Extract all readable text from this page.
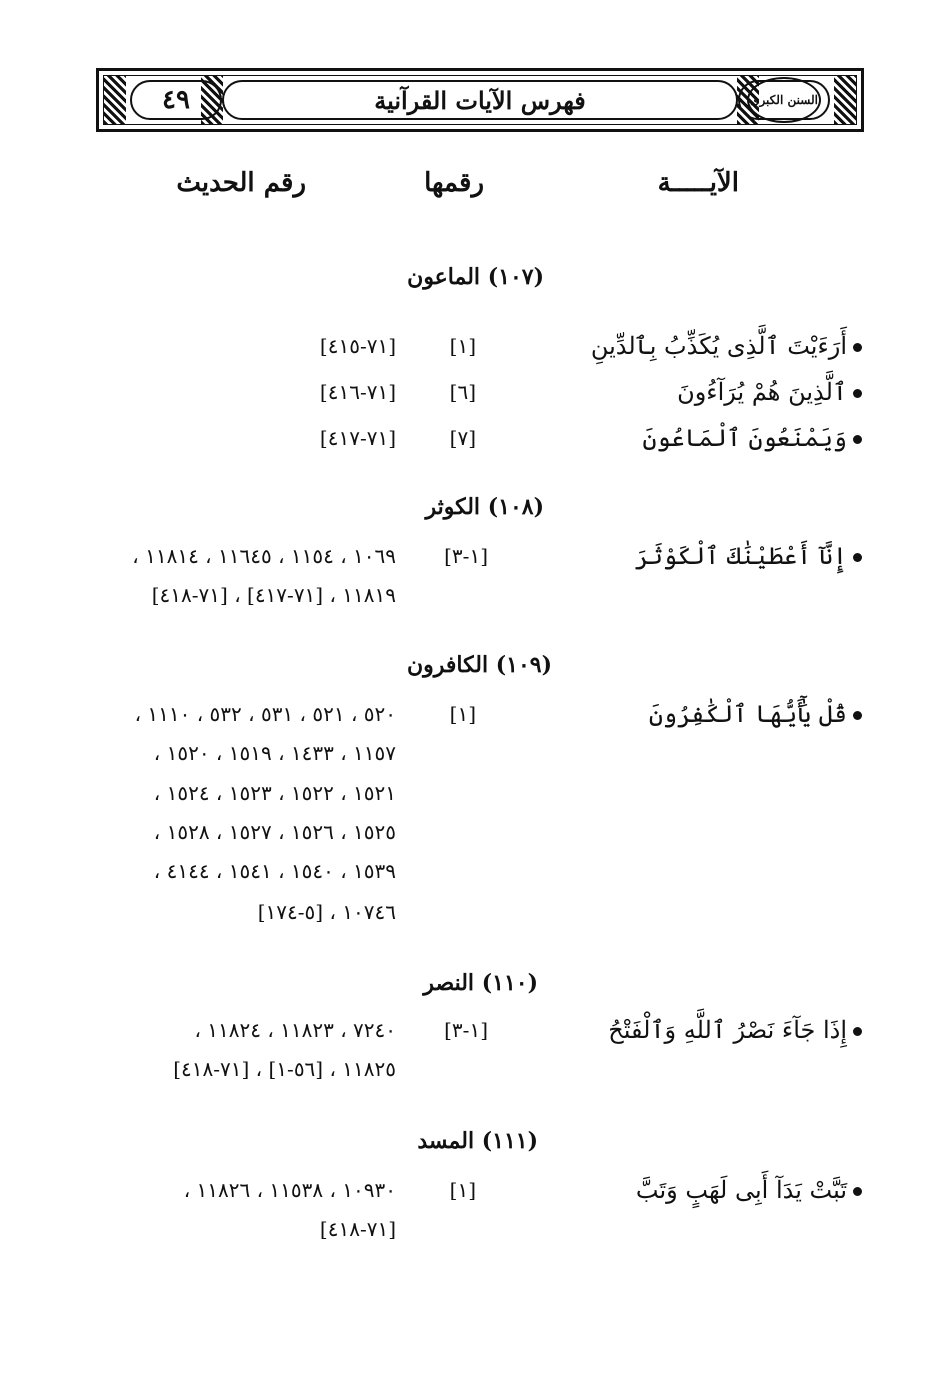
٤٩	فهرس الآيات القرآنية	السنن الكبرى
الآيـــــة
رقمها
رقم الحديث
(١٠٧) الماعون
أَرَءَيْتَ ٱلَّذِى يُكَذِّبُ بِٱلدِّينِ
[١]
[٧١-٤١٥]
ٱلَّذِينَ هُمْ يُرَآءُونَ
[٦]
[٧١-٤١٦]
وَيَمْنَعُونَ ٱلْمَاعُونَ
[٧]
[٧١-٤١٧]
(١٠٨) الكوثر
إِنَّآ أَعْطَيْنَٰكَ ٱلْكَوْثَرَ
[١-٣]
١٠٦٩ ، ١١٥٤ ، ١١٦٤٥ ، ١١٨١٤ ،
١١٨١٩ ، [٧١-٤١٧] ، [٧١-٤١٨]
(١٠٩) الكافرون
قُلْ يَٰٓأَيُّهَا ٱلْكَٰفِرُونَ
[١]
٥٢٠ ، ٥٢١ ، ٥٣١ ، ٥٣٢ ، ١١١٠ ،
١١٥٧ ، ١٤٣٣ ، ١٥١٩ ، ١٥٢٠ ،
١٥٢١ ، ١٥٢٢ ، ١٥٢٣ ، ١٥٢٤ ،
١٥٢٥ ، ١٥٢٦ ، ١٥٢٧ ، ١٥٢٨ ،
١٥٣٩ ، ١٥٤٠ ، ١٥٤١ ، ٤١٤٤ ،
١٠٧٤٦ ، [٥-١٧٤]
(١١٠) النصر
إِذَا جَآءَ نَصْرُ ٱللَّهِ وَٱلْفَتْحُ
[١-٣]
٧٢٤٠ ، ١١٨٢٣ ، ١١٨٢٤ ،
١١٨٢٥ ، [٥٦-١] ، [٧١-٤١٨]
(١١١) المسد
تَبَّتْ يَدَآ أَبِى لَهَبٍ وَتَبَّ
[١]
١٠٩٣٠ ، ١١٥٣٨ ، ١١٨٢٦ ،
[٧١-٤١٨]
